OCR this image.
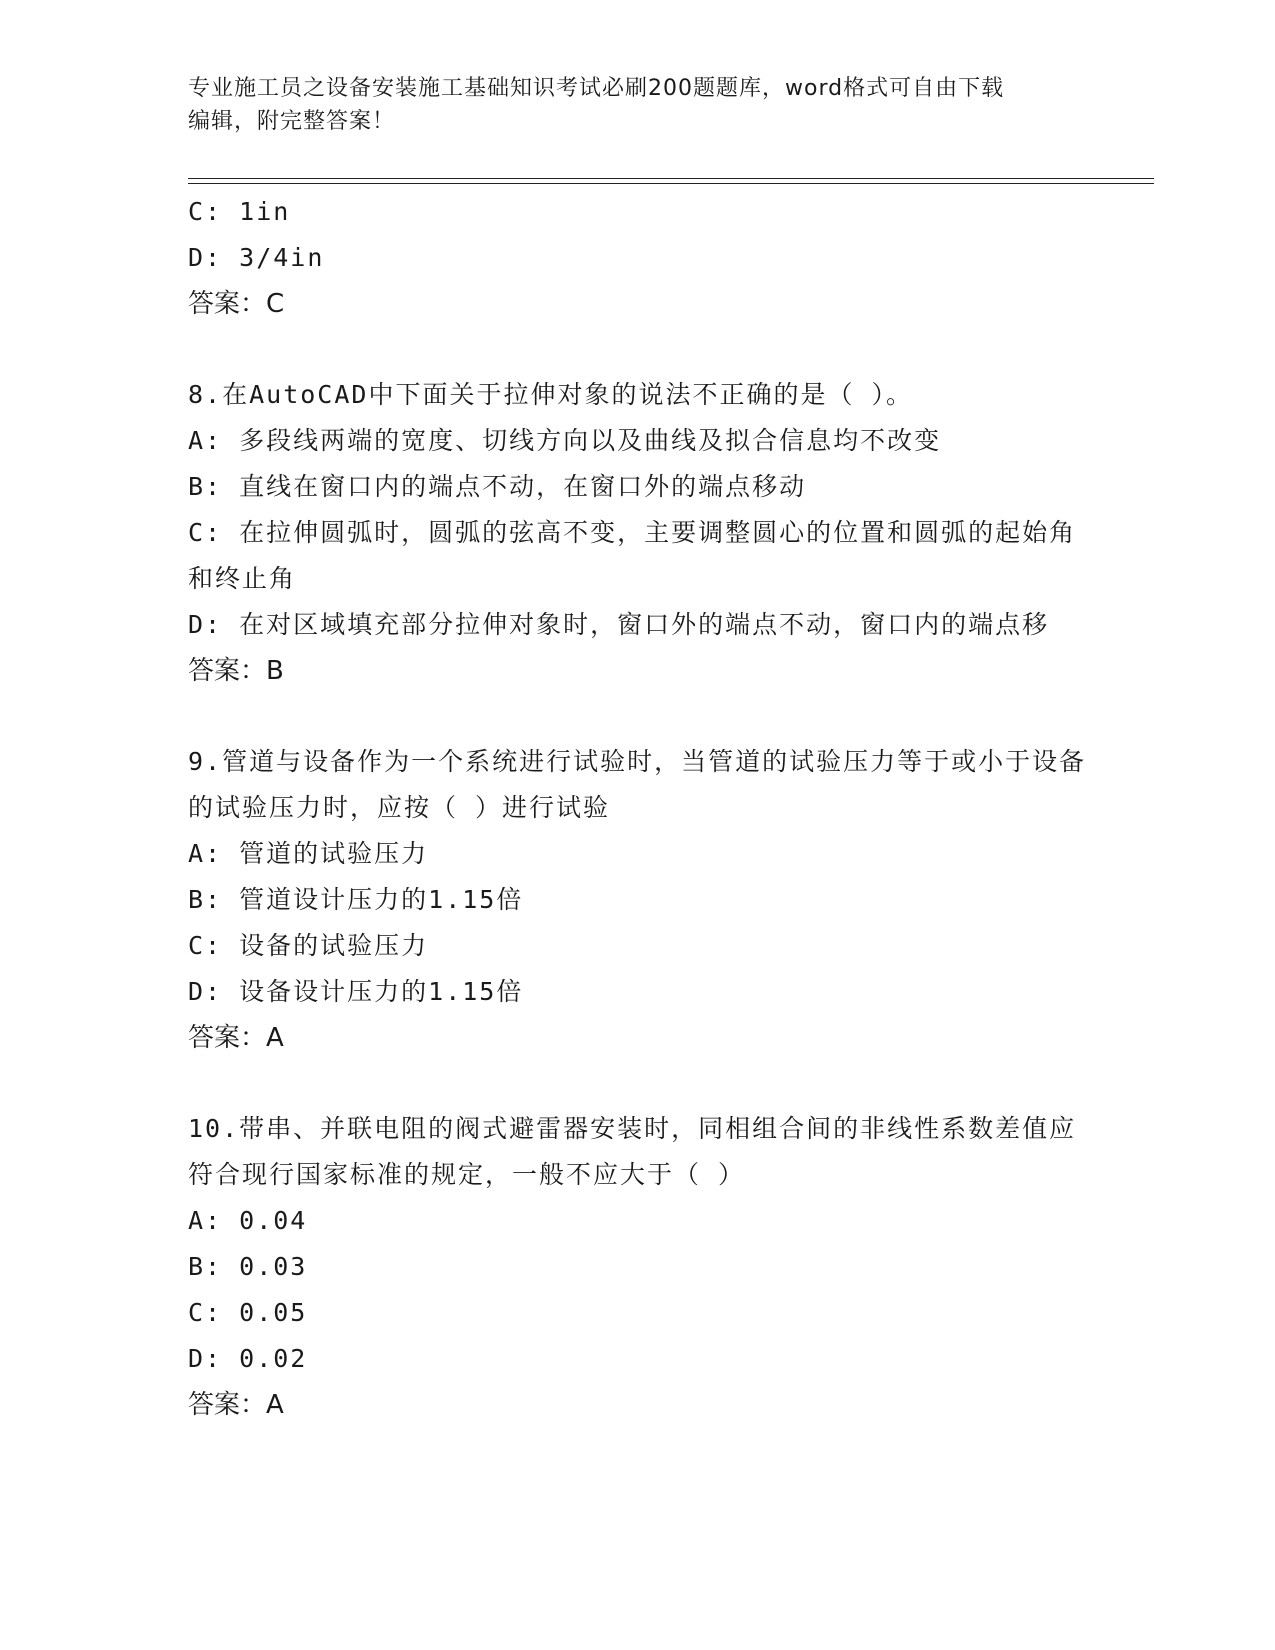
专业施工员之设备安装施工基础知识考试必刷200题题库，word格式可自由下载
编辑，附完整答案！
C: 1in
D: 3/4in
答案：C
8.在AutoCAD中下面关于拉伸对象的说法不正确的是（ ）。
A: 多段线两端的宽度、切线方向以及曲线及拟合信息均不改变
B: 直线在窗口内的端点不动，在窗口外的端点移动
C: 在拉伸圆弧时，圆弧的弦高不变，主要调整圆心的位置和圆弧的起始角和终止角
D: 在对区域填充部分拉伸对象时，窗口外的端点不动，窗口内的端点移
答案：B
9.管道与设备作为一个系统进行试验时，当管道的试验压力等于或小于设备的试验压力时，应按（ ）进行试验
A: 管道的试验压力
B: 管道设计压力的1.15倍
C: 设备的试验压力
D: 设备设计压力的1.15倍
答案：A
10.带串、并联电阻的阀式避雷器安装时，同相组合间的非线性系数差值应符合现行国家标准的规定，一般不应大于（ ）
A: 0.04
B: 0.03
C: 0.05
D: 0.02
答案：A
